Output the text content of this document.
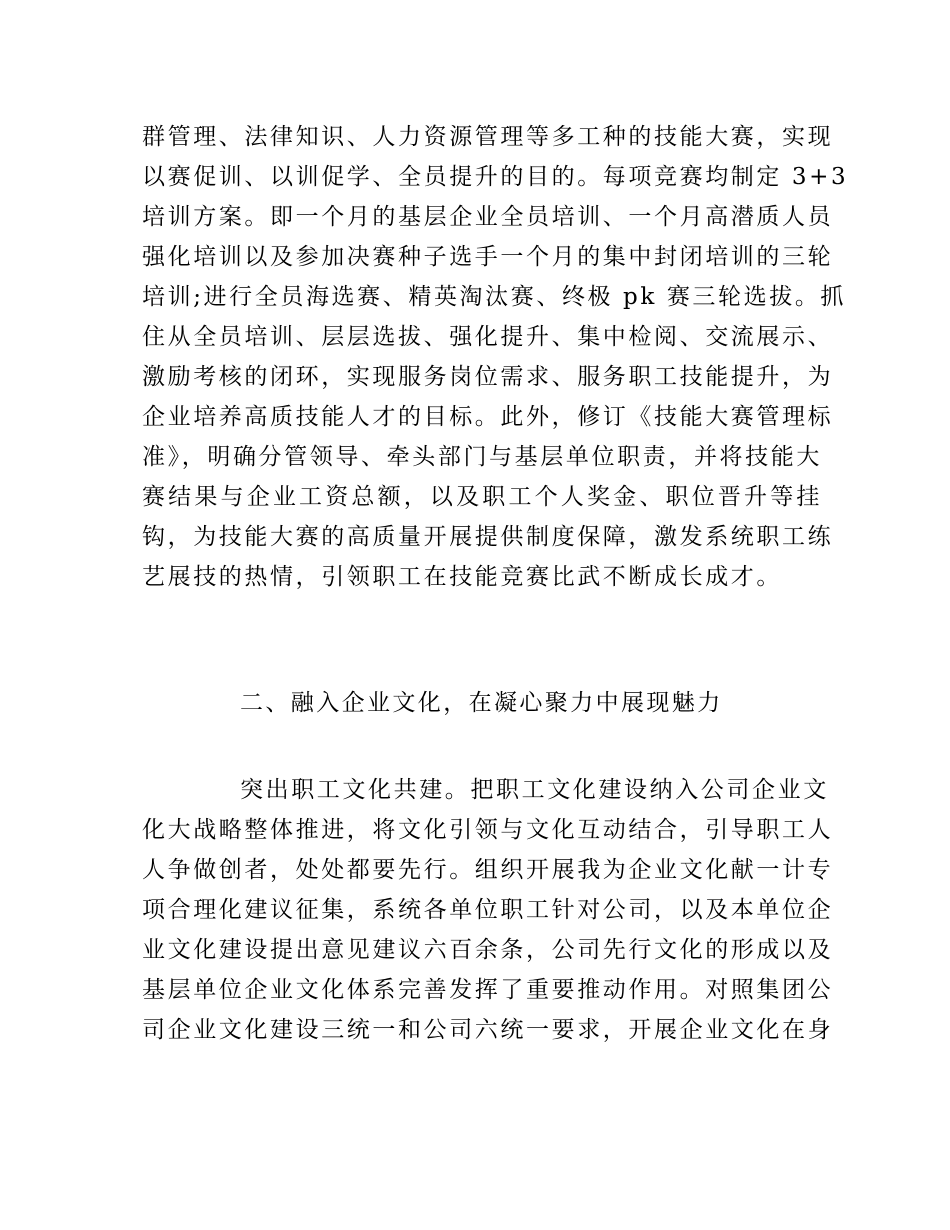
群管理、法律知识、人力资源管理等多工种的技能大赛，实现
以赛促训、以训促学、全员提升的目的。每项竞赛均制定 3+3
培训方案。即一个月的基层企业全员培训、一个月高潜质人员
强化培训以及参加决赛种子选手一个月的集中封闭培训的三轮
培训;进行全员海选赛、精英淘汰赛、终极 pk 赛三轮选拔。抓
住从全员培训、层层选拔、强化提升、集中检阅、交流展示、
激励考核的闭环，实现服务岗位需求、服务职工技能提升，为
企业培养高质技能人才的目标。此外，修订《技能大赛管理标
准》，明确分管领导、牵头部门与基层单位职责，并将技能大
赛结果与企业工资总额，以及职工个人奖金、职位晋升等挂
钩，为技能大赛的高质量开展提供制度保障，激发系统职工练
艺展技的热情，引领职工在技能竞赛比武不断成长成才。
二、融入企业文化，在凝心聚力中展现魅力
突出职工文化共建。把职工文化建设纳入公司企业文
化大战略整体推进，将文化引领与文化互动结合，引导职工人
人争做创者，处处都要先行。组织开展我为企业文化献一计专
项合理化建议征集，系统各单位职工针对公司，以及本单位企
业文化建设提出意见建议六百余条，公司先行文化的形成以及
基层单位企业文化体系完善发挥了重要推动作用。对照集团公
司企业文化建设三统一和公司六统一要求，开展企业文化在身
